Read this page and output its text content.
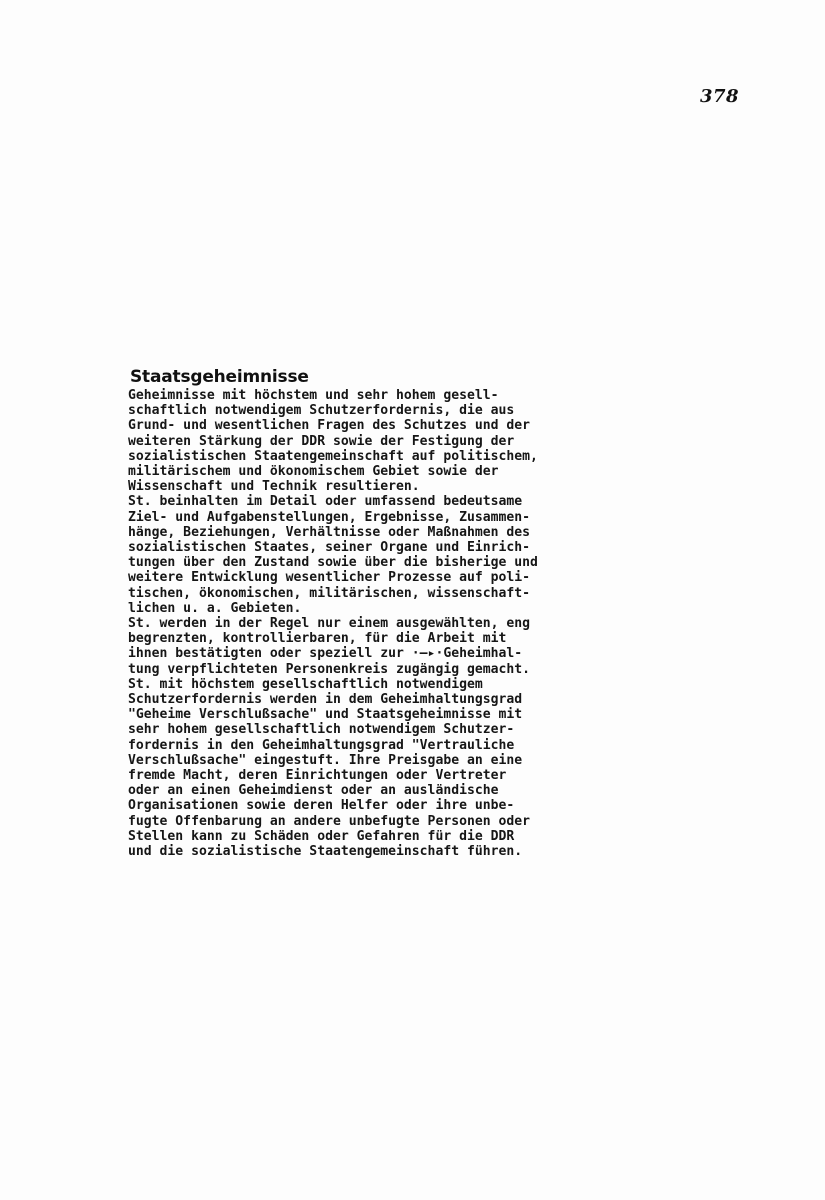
378
Staatsgeheimnisse
Geheimnisse mit höchstem und sehr hohem gesell-
schaftlich notwendigem Schutzerfordernis, die aus
Grund- und wesentlichen Fragen des Schutzes und der
weiteren Stärkung der DDR sowie der Festigung der
sozialistischen Staatengemeinschaft auf politischem,
militärischem und ökonomischem Gebiet sowie der
Wissenschaft und Technik resultieren.
St. beinhalten im Detail oder umfassend bedeutsame
Ziel- und Aufgabenstellungen, Ergebnisse, Zusammen-
hänge, Beziehungen, Verhältnisse oder Maßnahmen des
sozialistischen Staates, seiner Organe und Einrich-
tungen über den Zustand sowie über die bisherige und
weitere Entwicklung wesentlicher Prozesse auf poli-
tischen, ökonomischen, militärischen, wissenschaft-
lichen u. a. Gebieten.
St. werden in der Regel nur einem ausgewählten, eng
begrenzten, kontrollierbaren, für die Arbeit mit
ihnen bestätigten oder speziell zur ·—▸·Geheimhal-
tung verpflichteten Personenkreis zugängig gemacht.
St. mit höchstem gesellschaftlich notwendigem
Schutzerfordernis werden in dem Geheimhaltungsgrad
"Geheime Verschlußsache" und Staatsgeheimnisse mit
sehr hohem gesellschaftlich notwendigem Schutzer-
fordernis in den Geheimhaltungsgrad "Vertrauliche
Verschlußsache" eingestuft. Ihre Preisgabe an eine
fremde Macht, deren Einrichtungen oder Vertreter
oder an einen Geheimdienst oder an ausländische
Organisationen sowie deren Helfer oder ihre unbe-
fugte Offenbarung an andere unbefugte Personen oder
Stellen kann zu Schäden oder Gefahren für die DDR
und die sozialistische Staatengemeinschaft führen.
